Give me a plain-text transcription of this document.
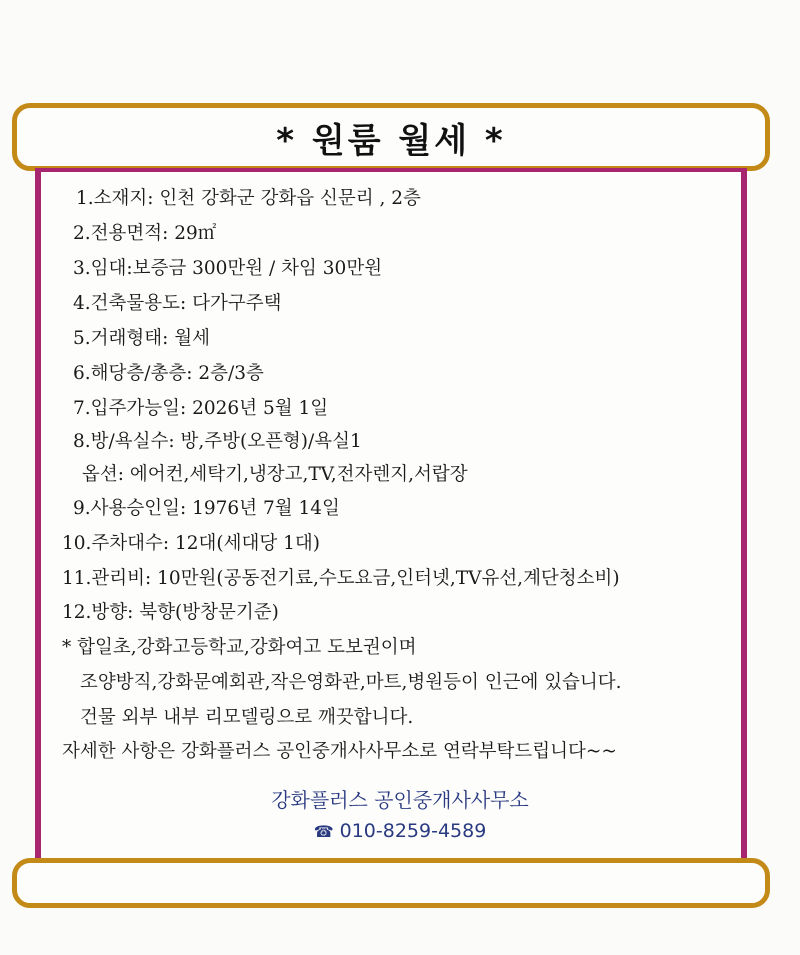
* 원룸 월세 *
1.소재지: 인천 강화군 강화읍 신문리 , 2층
2.전용면적: 29㎡
3.임대:보증금 300만원 / 차임 30만원
4.건축물용도: 다가구주택
5.거래형태: 월세
6.해당층/총층: 2층/3층
7.입주가능일: 2026년 5월 1일
8.방/욕실수: 방,주방(오픈형)/욕실1
옵션: 에어컨,세탁기,냉장고,TV,전자렌지,서랍장
9.사용승인일: 1976년 7월 14일
10.주차대수: 12대(세대당 1대)
11.관리비: 10만원(공동전기료,수도요금,인터넷,TV유선,계단청소비)
12.방향: 북향(방창문기준)
* 합일초,강화고등학교,강화여고 도보권이며
조양방직,강화문예회관,작은영화관,마트,병원등이 인근에 있습니다.
건물 외부 내부 리모델링으로 깨끗합니다.
자세한 사항은 강화플러스 공인중개사사무소로 연락부탁드립니다~~
강화플러스 공인중개사사무소
☎ 010-8259-4589
